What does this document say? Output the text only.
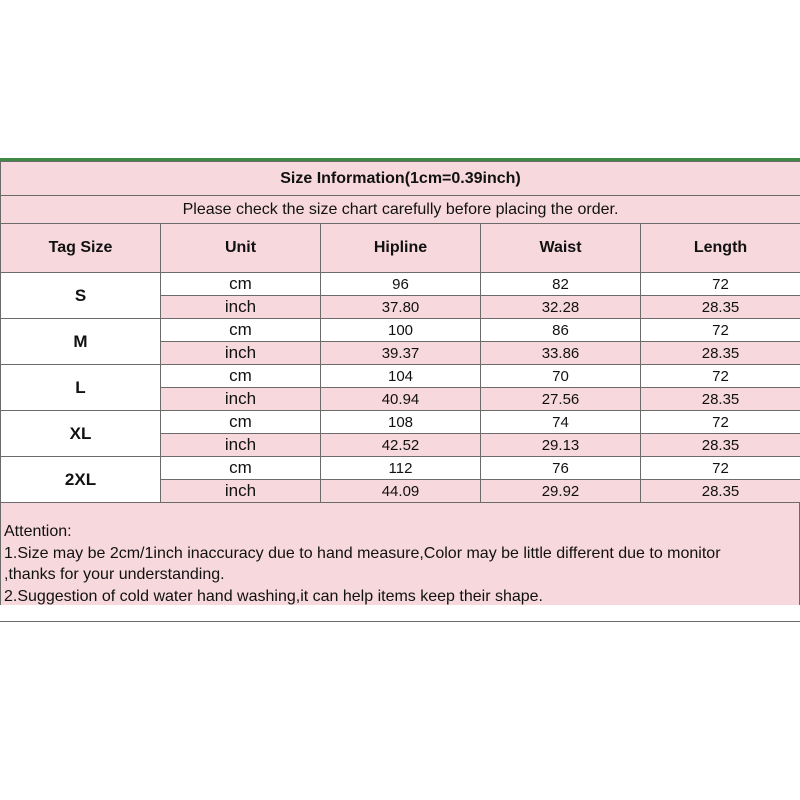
Size Information(1cm=0.39inch)				
Please check the size chart carefully before placing the order.				
Tag Size	Unit	Hipline	Waist	Length
S	cm	96	82	72
	inch	37.80	32.28	28.35
M	cm	100	86	72
	inch	39.37	33.86	28.35
L	cm	104	70	72
	inch	40.94	27.56	28.35
XL	cm	108	74	72
	inch	42.52	29.13	28.35
2XL	cm	112	76	72
	inch	44.09	29.92	28.35
Attention:
1.Size may be 2cm/1inch inaccuracy due to hand measure,Color may be little different due to monitor
,thanks for your understanding.
2.Suggestion of cold water hand washing,it can help items keep their shape.
